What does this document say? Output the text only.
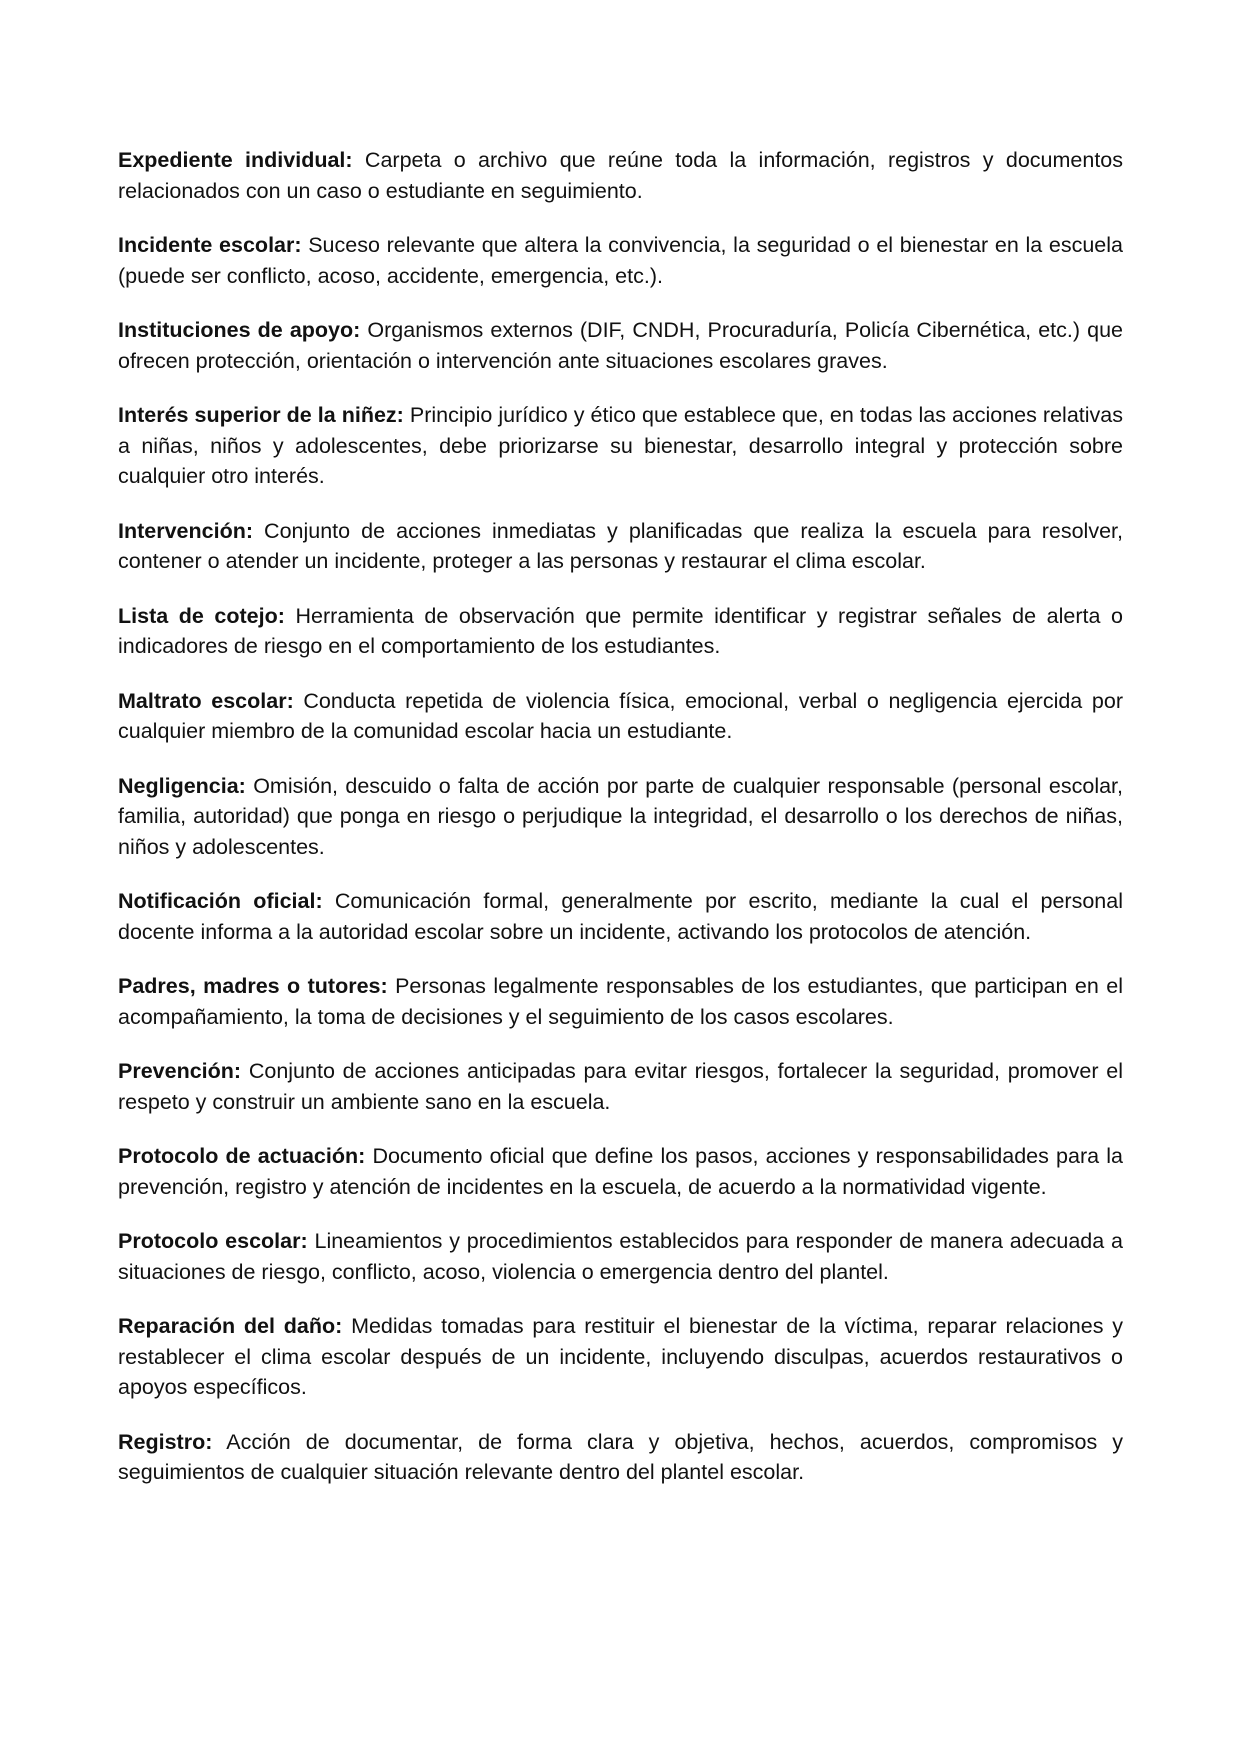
Expediente individual: Carpeta o archivo que reúne toda la información, registros y documentos relacionados con un caso o estudiante en seguimiento.

Incidente escolar: Suceso relevante que altera la convivencia, la seguridad o el bienestar en la escuela (puede ser conflicto, acoso, accidente, emergencia, etc.).

Instituciones de apoyo: Organismos externos (DIF, CNDH, Procuraduría, Policía Cibernética, etc.) que ofrecen protección, orientación o intervención ante situaciones escolares graves.

Interés superior de la niñez: Principio jurídico y ético que establece que, en todas las acciones relativas a niñas, niños y adolescentes, debe priorizarse su bienestar, desarrollo integral y protección sobre cualquier otro interés.

Intervención: Conjunto de acciones inmediatas y planificadas que realiza la escuela para resolver, contener o atender un incidente, proteger a las personas y restaurar el clima escolar.

Lista de cotejo: Herramienta de observación que permite identificar y registrar señales de alerta o indicadores de riesgo en el comportamiento de los estudiantes.

Maltrato escolar: Conducta repetida de violencia física, emocional, verbal o negligencia ejercida por cualquier miembro de la comunidad escolar hacia un estudiante.

Negligencia: Omisión, descuido o falta de acción por parte de cualquier responsable (personal escolar, familia, autoridad) que ponga en riesgo o perjudique la integridad, el desarrollo o los derechos de niñas, niños y adolescentes.

Notificación oficial: Comunicación formal, generalmente por escrito, mediante la cual el personal docente informa a la autoridad escolar sobre un incidente, activando los protocolos de atención.

Padres, madres o tutores: Personas legalmente responsables de los estudiantes, que participan en el acompañamiento, la toma de decisiones y el seguimiento de los casos escolares.

Prevención: Conjunto de acciones anticipadas para evitar riesgos, fortalecer la seguridad, promover el respeto y construir un ambiente sano en la escuela.

Protocolo de actuación: Documento oficial que define los pasos, acciones y responsabilidades para la prevención, registro y atención de incidentes en la escuela, de acuerdo a la normatividad vigente.

Protocolo escolar: Lineamientos y procedimientos establecidos para responder de manera adecuada a situaciones de riesgo, conflicto, acoso, violencia o emergencia dentro del plantel.

Reparación del daño: Medidas tomadas para restituir el bienestar de la víctima, reparar relaciones y restablecer el clima escolar después de un incidente, incluyendo disculpas, acuerdos restaurativos o apoyos específicos.

Registro: Acción de documentar, de forma clara y objetiva, hechos, acuerdos, compromisos y seguimientos de cualquier situación relevante dentro del plantel escolar.
